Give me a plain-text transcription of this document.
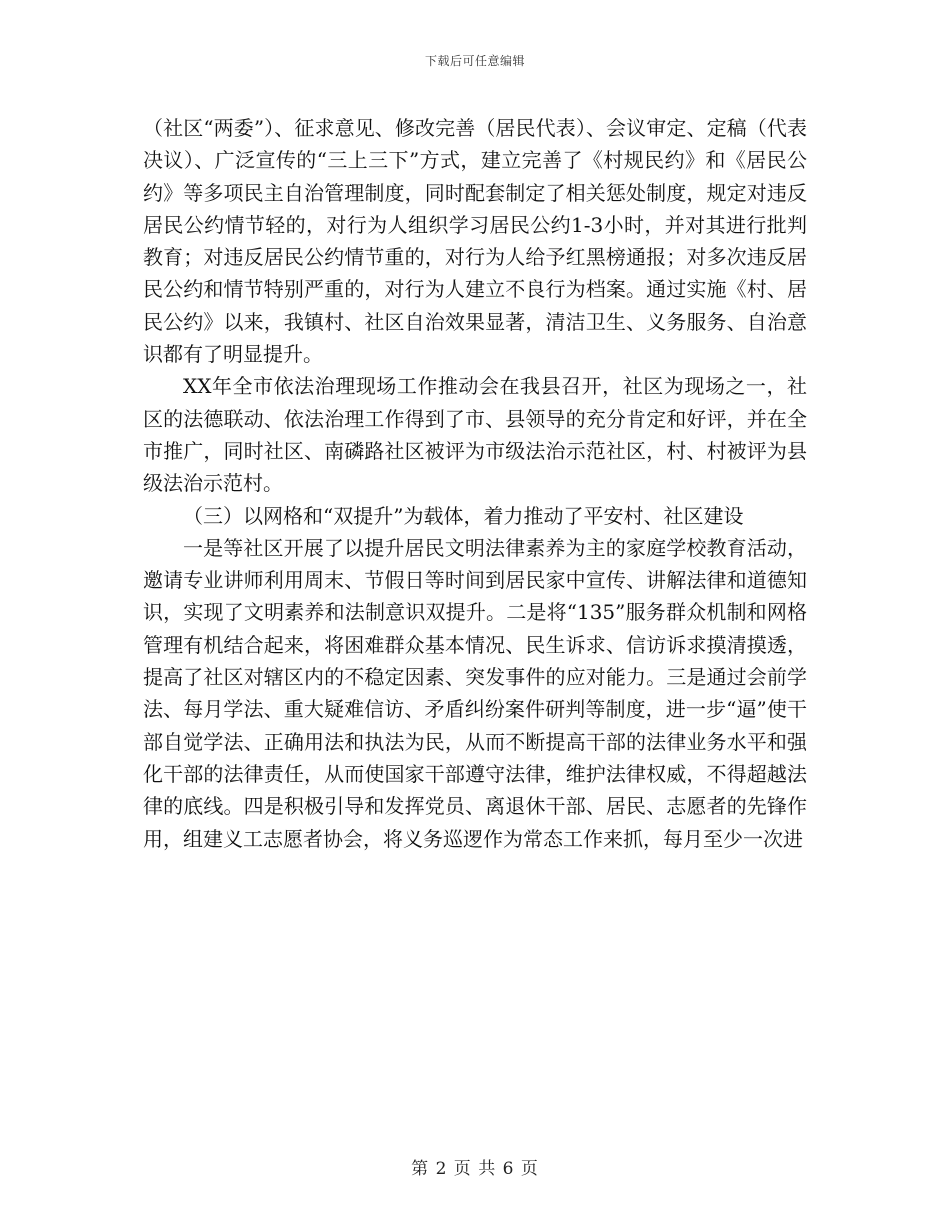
下载后可任意编辑

（社区“两委”）、征求意见、修改完善（居民代表）、会议审定、定稿（代表决议）、广泛宣传的“三上三下”方式，建立完善了《村规民约》和《居民公约》等多项民主自治管理制度，同时配套制定了相关惩处制度，规定对违反居民公约情节轻的，对行为人组织学习居民公约1-3小时，并对其进行批判教育；对违反居民公约情节重的，对行为人给予红黑榜通报；对多次违反居民公约和情节特别严重的，对行为人建立不良行为档案。通过实施《村、居民公约》以来，我镇村、社区自治效果显著，清洁卫生、义务服务、自治意识都有了明显提升。

XX年全市依法治理现场工作推动会在我县召开，社区为现场之一，社区的法德联动、依法治理工作得到了市、县领导的充分肯定和好评，并在全市推广，同时社区、南磷路社区被评为市级法治示范社区，村、村被评为县级法治示范村。

（三）以网格和“双提升”为载体，着力推动了平安村、社区建设

一是等社区开展了以提升居民文明法律素养为主的家庭学校教育活动，邀请专业讲师利用周末、节假日等时间到居民家中宣传、讲解法律和道德知识，实现了文明素养和法制意识双提升。二是将“135”服务群众机制和网格管理有机结合起来，将困难群众基本情况、民生诉求、信访诉求摸清摸透，提高了社区对辖区内的不稳定因素、突发事件的应对能力。三是通过会前学法、每月学法、重大疑难信访、矛盾纠纷案件研判等制度，进一步“逼”使干部自觉学法、正确用法和执法为民，从而不断提高干部的法律业务水平和强化干部的法律责任，从而使国家干部遵守法律，维护法律权威，不得超越法律的底线。四是积极引导和发挥党员、离退休干部、居民、志愿者的先锋作用，组建义工志愿者协会，将义务巡逻作为常态工作来抓，每月至少一次进

第 2 页 共 6 页
